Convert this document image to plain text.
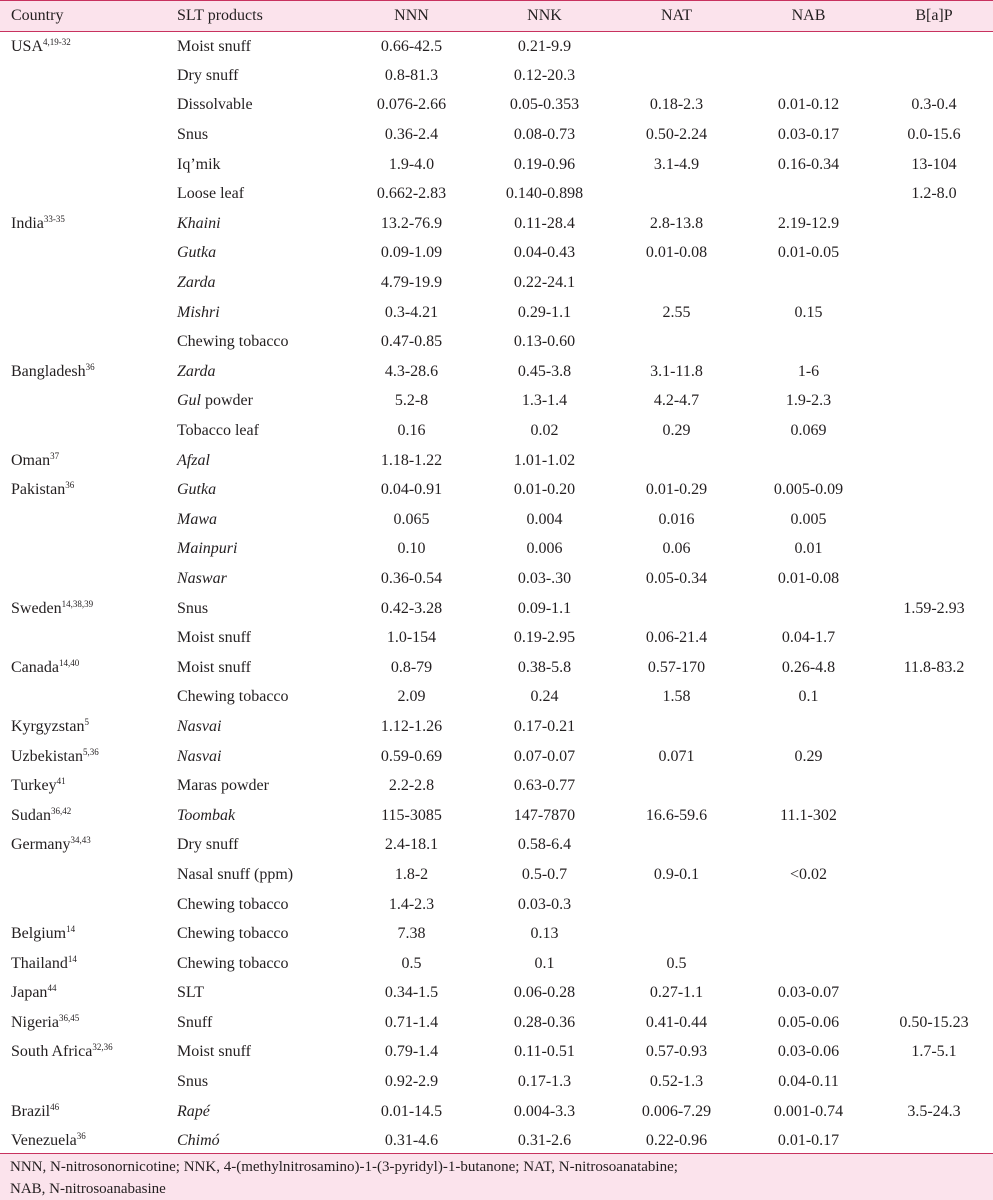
Country	SLT products	NNN	NNK	NAT	NAB	B[a]P
USA$^{4,19-32}$	Moist snuff	0.66-42.5	0.21-9.9			
	Dry snuff	0.8-81.3	0.12-20.3			
	Dissolvable	0.076-2.66	0.05-0.353	0.18-2.3	0.01-0.12	0.3-0.4
	Snus	0.36-2.4	0.08-0.73	0.50-2.24	0.03-0.17	0.0-15.6
	Iq’mik	1.9-4.0	0.19-0.96	3.1-4.9	0.16-0.34	13-104
	Loose leaf	0.662-2.83	0.140-0.898			1.2-8.0
India$^{33-35}$	Khaini	13.2-76.9	0.11-28.4	2.8-13.8	2.19-12.9	
	Gutka	0.09-1.09	0.04-0.43	0.01-0.08	0.01-0.05	
	Zarda	4.79-19.9	0.22-24.1			
	Mishri	0.3-4.21	0.29-1.1	2.55	0.15	
	Chewing tobacco	0.47-0.85	0.13-0.60			
Bangladesh$^{36}$	Zarda	4.3-28.6	0.45-3.8	3.1-11.8	1-6	
	Gul powder	5.2-8	1.3-1.4	4.2-4.7	1.9-2.3	
	Tobacco leaf	0.16	0.02	0.29	0.069	
Oman$^{37}$	Afzal	1.18-1.22	1.01-1.02			
Pakistan$^{36}$	Gutka	0.04-0.91	0.01-0.20	0.01-0.29	0.005-0.09	
	Mawa	0.065	0.004	0.016	0.005	
	Mainpuri	0.10	0.006	0.06	0.01	
	Naswar	0.36-0.54	0.03-.30	0.05-0.34	0.01-0.08	
Sweden$^{14,38,39}$	Snus	0.42-3.28	0.09-1.1			1.59-2.93
	Moist snuff	1.0-154	0.19-2.95	0.06-21.4	0.04-1.7	
Canada$^{14,40}$	Moist snuff	0.8-79	0.38-5.8	0.57-170	0.26-4.8	11.8-83.2
	Chewing tobacco	2.09	0.24	1.58	0.1	
Kyrgyzstan$^5$	Nasvai	1.12-1.26	0.17-0.21			
Uzbekistan$^{5,36}$	Nasvai	0.59-0.69	0.07-0.07	0.071	0.29	
Turkey$^{41}$	Maras powder	2.2-2.8	0.63-0.77			
Sudan$^{36,42}$	Toombak	115-3085	147-7870	16.6-59.6	11.1-302	
Germany$^{34,43}$	Dry snuff	2.4-18.1	0.58-6.4			
	Nasal snuff (ppm)	1.8-2	0.5-0.7	0.9-0.1	<0.02	
	Chewing tobacco	1.4-2.3	0.03-0.3			
Belgium$^{14}$	Chewing tobacco	7.38	0.13			
Thailand$^{14}$	Chewing tobacco	0.5	0.1	0.5		
Japan$^{44}$	SLT	0.34-1.5	0.06-0.28	0.27-1.1	0.03-0.07	
Nigeria$^{36,45}$	Snuff	0.71-1.4	0.28-0.36	0.41-0.44	0.05-0.06	0.50-15.23
South Africa$^{32,36}$	Moist snuff	0.79-1.4	0.11-0.51	0.57-0.93	0.03-0.06	1.7-5.1
	Snus	0.92-2.9	0.17-1.3	0.52-1.3	0.04-0.11	
Brazil$^{46}$	Rapé	0.01-14.5	0.004-3.3	0.006-7.29	0.001-0.74	3.5-24.3
Venezuela$^{36}$	Chimó	0.31-4.6	0.31-2.6	0.22-0.96	0.01-0.17	
NNN, N-nitrosonornicotine; NNK, 4-(methylnitrosamino)-1-(3-pyridyl)-1-butanone; NAT, N-nitrosoanatabine;
NAB, N-nitrosoanabasine
